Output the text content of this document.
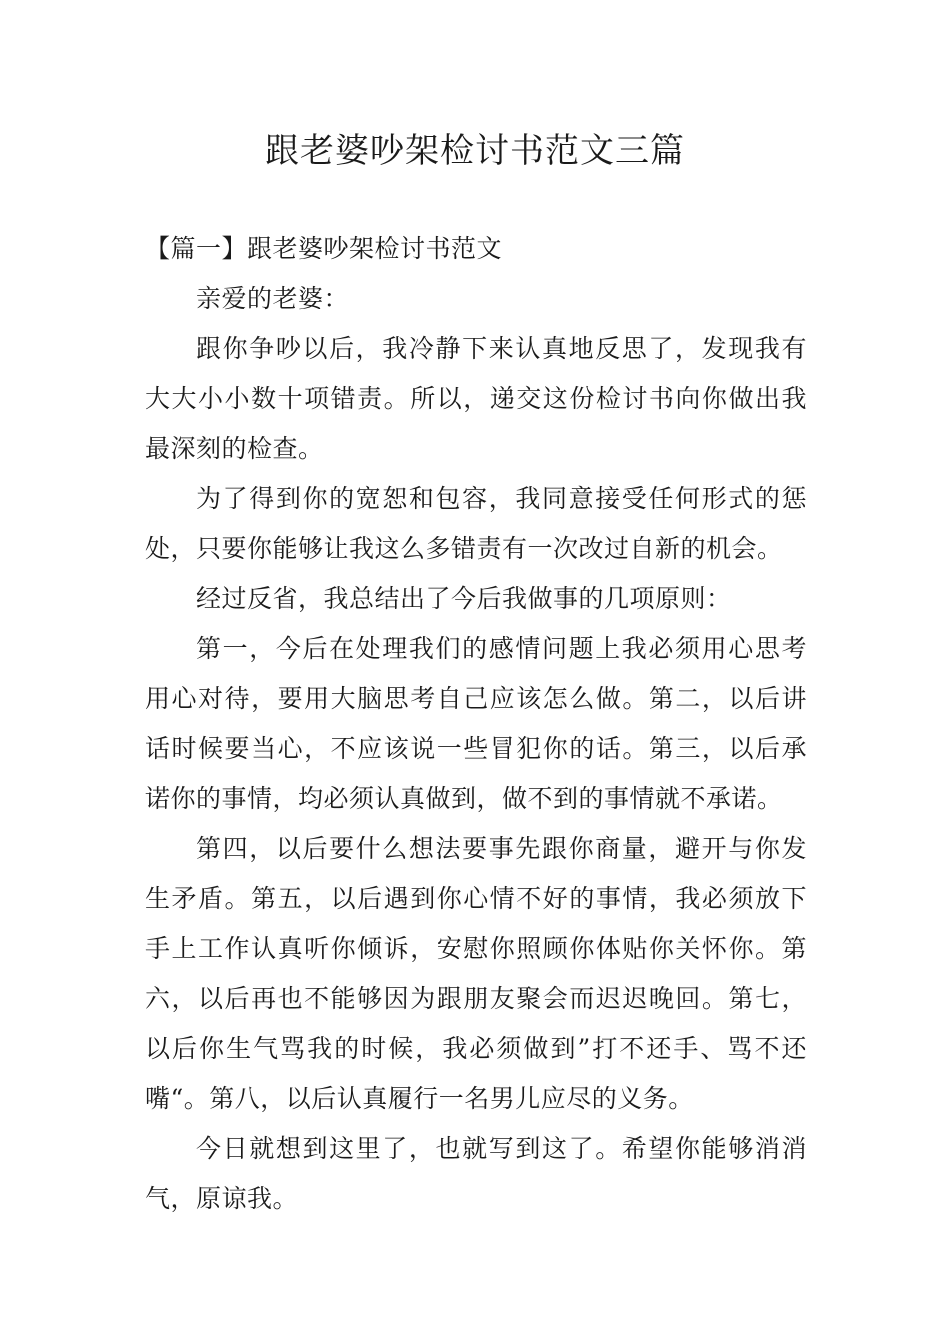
跟老婆吵架检讨书范文三篇

【篇一】跟老婆吵架检讨书范文

亲爱的老婆：

跟你争吵以后，我冷静下来认真地反思了，发现我有大大小小数十项错责。所以，递交这份检讨书向你做出我最深刻的检查。

为了得到你的宽恕和包容，我同意接受任何形式的惩处，只要你能够让我这么多错责有一次改过自新的机会。

经过反省，我总结出了今后我做事的几项原则：

第一，今后在处理我们的感情问题上我必须用心思考用心对待，要用大脑思考自己应该怎么做。第二，以后讲话时候要当心，不应该说一些冒犯你的话。第三，以后承诺你的事情，均必须认真做到，做不到的事情就不承诺。

第四，以后要什么想法要事先跟你商量，避开与你发生矛盾。第五，以后遇到你心情不好的事情，我必须放下手上工作认真听你倾诉，安慰你照顾你体贴你关怀你。第六，以后再也不能够因为跟朋友聚会而迟迟晚回。第七，以后你生气骂我的时候，我必须做到”打不还手、骂不还嘴“。第八，以后认真履行一名男儿应尽的义务。

今日就想到这里了，也就写到这了。希望你能够消消气，原谅我。
